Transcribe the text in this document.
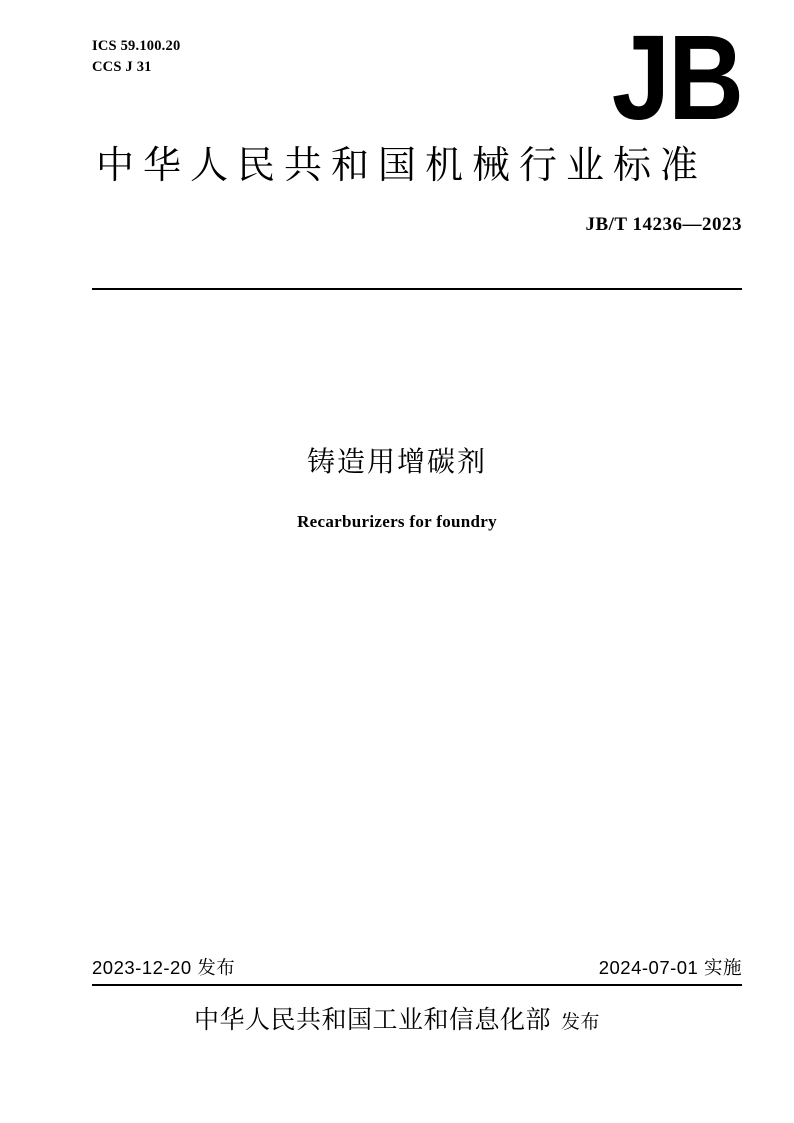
ICS 59.100.20
CCS J 31	JB
中华人民共和国机械行业标准
JB/T 14236—2023
铸造用增碳剂
Recarburizers for foundry
2023-12-20 发布	2024-07-01 实施
中华人民共和国工业和信息化部 发布
